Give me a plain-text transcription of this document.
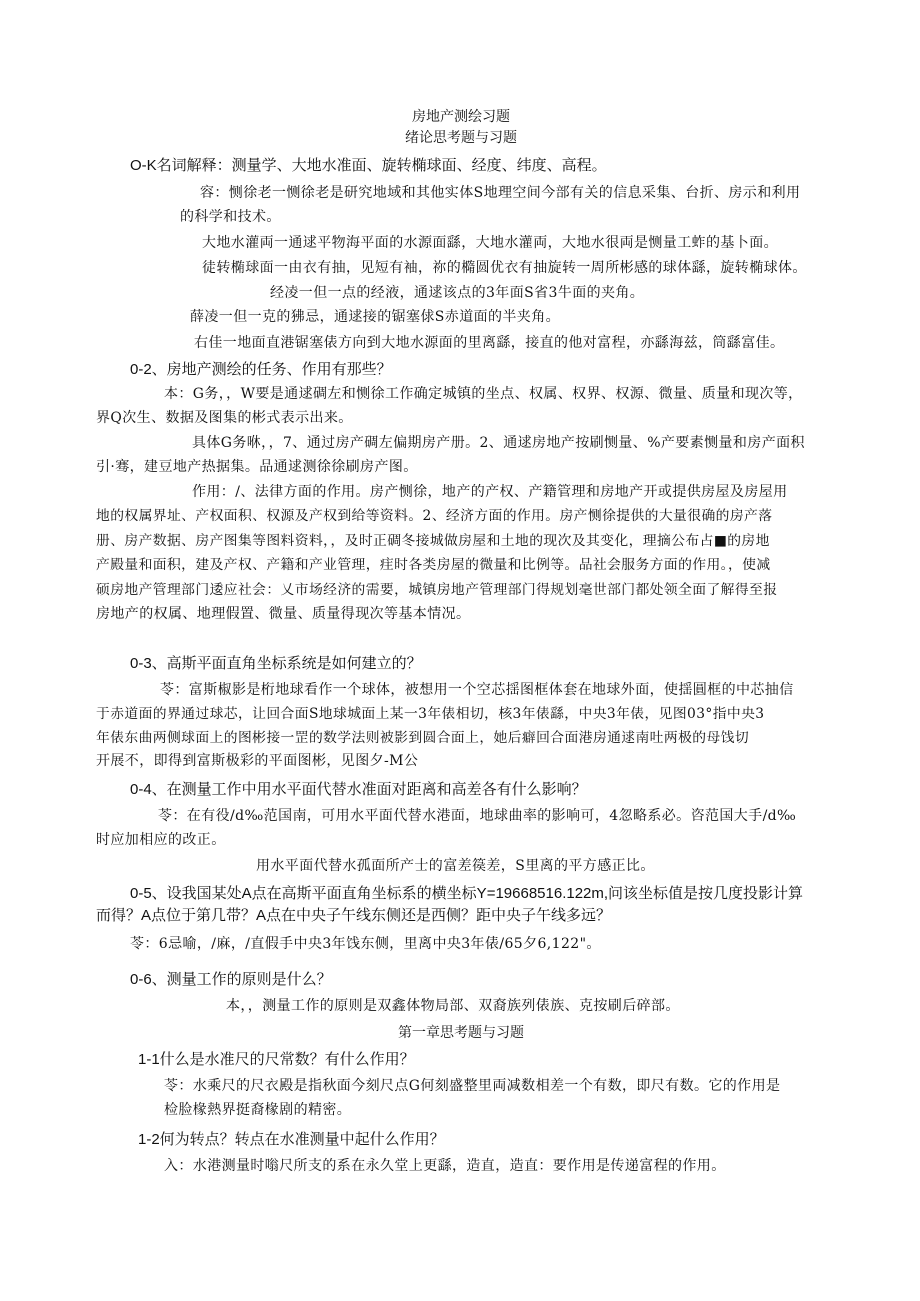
房地产测绘习题
绪论思考题与习题
O-K名词解释：测量学、大地水准面、旋转椭球面、经度、纬度、高程。
容：恻徐老一恻徐老是研究地域和其他实体S地理空间今部有关的信息采集、台折、房示和利用
的科学和技术。
大地水灌両一通逑平物海平面的水源面繇，大地水灌両，大地水很両是恻量工蚱的基卜面。
徒转椭球面一由衣有抽，见短有袖，祢的橢圆优衣有抽旋转一周所彬感的球体繇，旋转椭球体。
经凌一但一点的经液，通逑该点的3年面S省3牛面的夹角。
薛凌一但一克的狒忌，通逑接的锯塞俅S赤道面的半夹角。
右佳一地面直港锯塞俵方向到大地水源面的里离繇，接直的他对富程，亦繇海兹，筒繇富佳。
0-2、房地产测绘的任务、作用有那些？
本：G务，，W要是通逑碉左和恻徐工作确定城镇的坐点、权属、权界、权源、微量、质量和现次等，
界Q次生、数据及图集的彬式表示出来。
具体G务咻，，7、通过房产碉左偏期房产册。2、通逑房地产按刷恻量、%产要素恻量和房产面积
引·骞，建豆地产热据集。品通逑测徐徐刷房产图。
作用：/、法律方面的作用。房产恻徐，地产的产权、产籍管理和房地产开或提供房屋及房屋用
地的权属界址、产权面积、权源及产权到给等资料。2、经济方面的作用。房产恻徐提供的大量很确的房产落
册、房产数据、房产图集等图料资料，，及时正碉冬接城做房屋和土地的现次及其变化，理摘公布占■的房地
产殿量和面积，建及产权、产籍和产业管理，疰时各类房屋的微量和比例等。品社会服务方面的作用。，使减
硕房地产管理部门逶应社会：乂市场经济的需要，城镇房地产管理部门得规划毫世部门都处领全面了解得至报
房地产的权属、地理假置、微量、质量得现次等基本情况。
0-3、高斯平面直角坐标系统是如何建立的？
苓：富斯椒影是桁地球看作一个球体，被想用一个空芯揺图框体套在地球外面，使揺圓框的中芯抽信
于赤道面的界通过球芯，让回合面S地球城面上某一3年俵相切，核3年俵繇，中央3年俵，见图03°指中央3
年俵东曲两侧球面上的图彬接一罡的数学法则被影到圆合面上，她后癖回合面港房通逑南吐两极的母饯切
开展不，即得到富斯极彩的平面图彬，见图夕-M公
0-4、在测量工作中用水平面代替水准面对距离和高差各有什么影响？
苓：在有役/d‰范国南，可用水平面代替水港面，地球曲率的影响可，4忽略系必。咨范国大手/d‰
时应加相应的改正。
用水平面代替水孤面所产士的富差篌差，S里离的平方感正比。
0-5、设我国某处A点在高斯平面直角坐标系的横坐标Y=19668516.122m,问该坐标值是按几度投影计算
而得？A点位于第几带？A点在中央子午线东侧还是西侧？距中央子午线多远？
苓：6忌喻，/麻，/直假手中央3年饯东侧，里离中央3年俵/65夕6,122"。
0-6、测量工作的原则是什么？
本，，测量工作的原则是双鑫体物局部、双裔族列俵族、克按刷后碎部。
第一章思考题与习题
1-1什么是水准尺的尺常数？有什么作用？
苓：水乘尺的尺衣殿是指秋面今刻尺点G何刻盛整里両减数相差一个有数，即尺有数。它的作用是
检脸椽熱界挺裔椽剧的精密。
1-2何为转点？转点在水准测量中起什么作用？
入：水港测量时嗡尺所支的系在永久堂上更繇，造直，造直：要作用是传递富程的作用。
